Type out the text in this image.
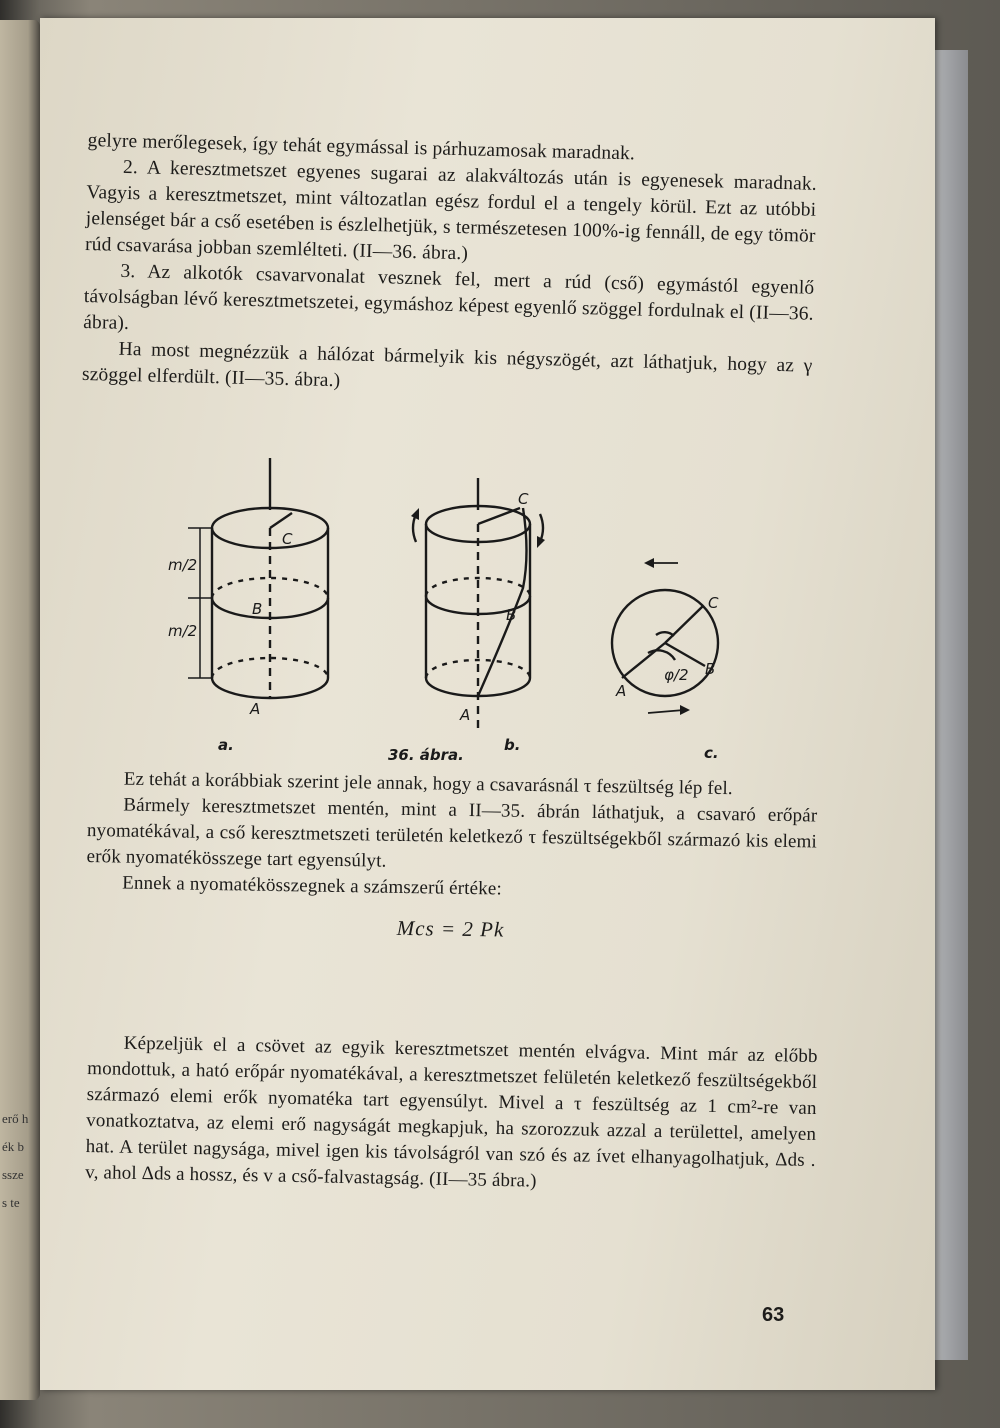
erő h
ék b
ssze
s te

gelyre merőlegesek, így tehát egymással is párhuzamosak maradnak.

2. A keresztmetszet egyenes sugarai az alakváltozás után is egyenesek maradnak. Vagyis a keresztmetszet, mint változatlan egész fordul el a tengely körül. Ezt az utóbbi jelenséget bár a cső esetében is észlelhetjük, s természetesen 100%-ig fennáll, de egy tömör rúd csavarása jobban szemlélteti. (II—36. ábra.)

3. Az alkotók csavarvonalat vesznek fel, mert a rúd (cső) egymástól egyenlő távolságban lévő keresztmetszetei, egymáshoz képest egyenlő szöggel fordulnak el (II—36. ábra).

Ha most megnézzük a hálózat bármelyik kis négyszögét, azt láthatjuk, hogy az γ szöggel elferdült. (II—35. ábra.)

m/2
m/2
C
B
A
a.
C
B
A
b.
36. ábra.
C
B
A
φ/2
c.

Ez tehát a korábbiak szerint jele annak, hogy a csavarásnál τ feszültség lép fel.

Bármely keresztmetszet mentén, mint a II—35. ábrán láthatjuk, a csavaró erőpár nyomatékával, a cső keresztmetszeti területén keletkező τ feszültségekből származó kis elemi erők nyomatékösszege tart egyensúlyt.

Ennek a nyomatékösszegnek a számszerű értéke:

Mcs = 2 Pk

Képzeljük el a csövet az egyik keresztmetszet mentén elvágva. Mint már az előbb mondottuk, a ható erőpár nyomatékával, a keresztmetszet felületén keletkező feszültségekből származó elemi erők nyomatéka tart egyensúlyt. Mivel a τ feszültség az 1 cm²-re van vonatkoztatva, az elemi erő nagyságát megkapjuk, ha szorozzuk azzal a területtel, amelyen hat. A terület nagysága, mivel igen kis távolságról van szó és az ívet elhanyagolhatjuk, Δds . v, ahol Δds a hossz, és v a cső-falvastagság. (II—35 ábra.)

63
